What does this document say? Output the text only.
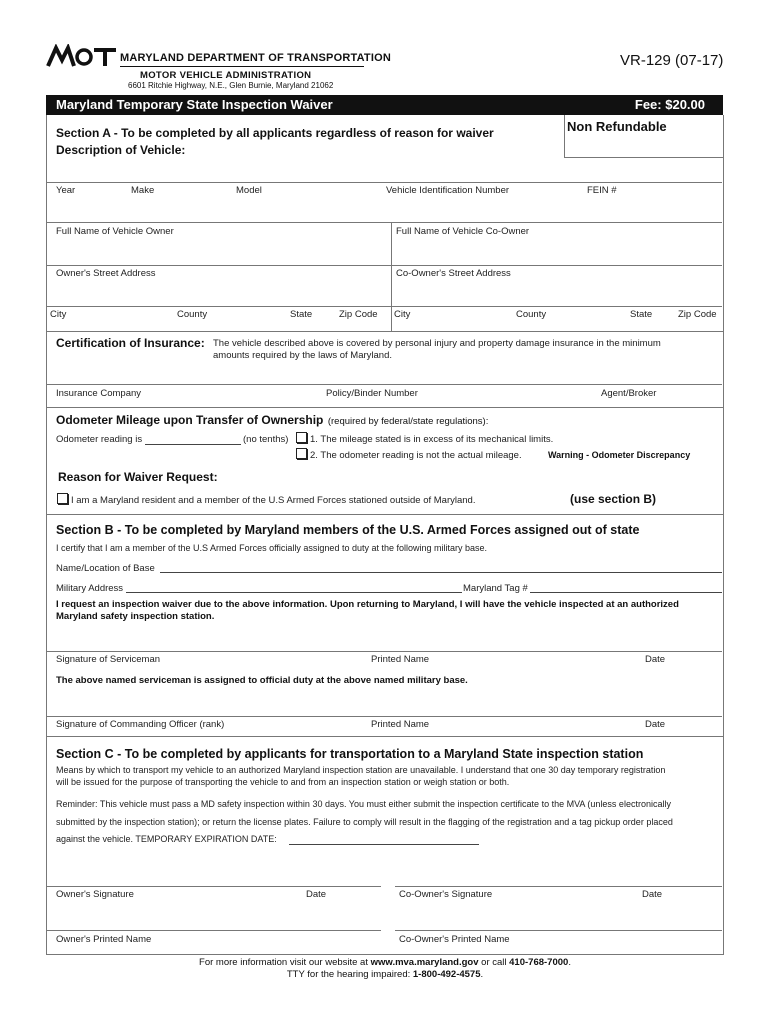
MARYLAND DEPARTMENT OF TRANSPORTATION
MOTOR VEHICLE ADMINISTRATION
6601 Ritchie Highway, N.E., Glen Burnie, Maryland 21062
VR-129 (07-17)
Maryland Temporary State Inspection Waiver	Fee: $20.00
Non Refundable
Section A - To be completed by all applicants regardless of reason for waiver
Description of Vehicle:
Year	Make	Model	Vehicle Identification Number	FEIN #
Full Name of Vehicle Owner	Full Name of Vehicle Co-Owner
Owner's Street Address	Co-Owner's Street Address
City	County	State	Zip Code City	County	State	Zip Code
Certification of Insurance: The vehicle described above is covered by personal injury and property damage insurance in the minimum
amounts required by the laws of Maryland.
Insurance Company	Policy/Binder Number	Agent/Broker
Odometer Mileage upon Transfer of Ownership (required by federal/state regulations):
Odometer reading is	(no tenths)	1. The mileage stated is in excess of its mechanical limits.
2. The odometer reading is not the actual mileage.	Warning - Odometer Discrepancy
Reason for Waiver Request:
I am a Maryland resident and a member of the U.S Armed Forces stationed outside of Maryland.	(use section B)
Section B - To be completed by Maryland members of the U.S. Armed Forces assigned out of state
I certify that I am a member of the U.S Armed Forces officially assigned to duty at the following military base.
Name/Location of Base
Military Address	Maryland Tag #
I request an inspection waiver due to the above information. Upon returning to Maryland, I will have the vehicle inspected at an authorized
Maryland safety inspection station.
Signature of Serviceman	Printed Name	Date
The above named serviceman is assigned to official duty at the above named military base.
Signature of Commanding Officer (rank)	Printed Name	Date
Section C - To be completed by applicants for transportation to a Maryland State inspection station
Means by which to transport my vehicle to an authorized Maryland inspection station are unavailable. I understand that one 30 day temporary registration
will be issued for the purpose of transporting the vehicle to and from an inspection station or weigh station or both.
Reminder: This vehicle must pass a MD safety inspection within 30 days. You must either submit the inspection certificate to the MVA (unless electronically
submitted by the inspection station); or return the license plates. Failure to comply will result in the flagging of the registration and a tag pickup order placed
against the vehicle. TEMPORARY EXPIRATION DATE:
Owner's Signature	Date	Co-Owner's Signature	Date
Owner's Printed Name	Co-Owner's Printed Name
For more information visit our website at www.mva.maryland.gov or call 410-768-7000.
TTY for the hearing impaired: 1-800-492-4575.
